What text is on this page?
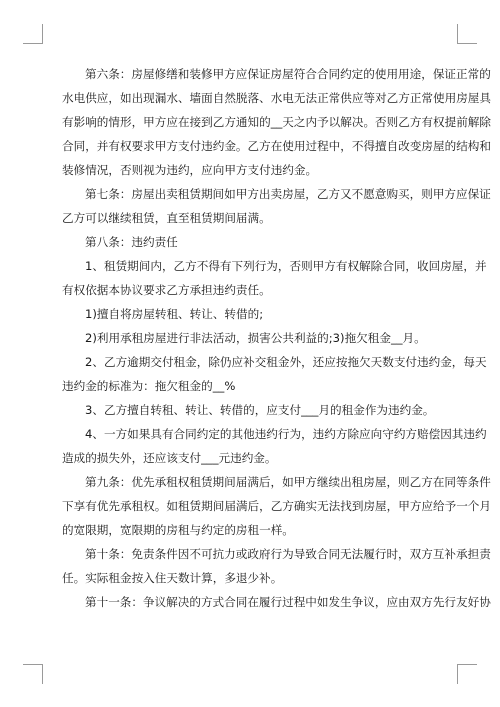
第六条：房屋修缮和装修甲方应保证房屋符合合同约定的使用用途，保证正常的
水电供应，如出现漏水、墙面自然脱落、水电无法正常供应等对乙方正常使用房屋具
有影响的情形，甲方应在接到乙方通知的__天之内予以解决。否则乙方有权提前解除
合同，并有权要求甲方支付违约金。乙方在使用过程中，不得擅自改变房屋的结构和
装修情况，否则视为违约，应向甲方支付违约金。
第七条：房屋出卖租赁期间如甲方出卖房屋，乙方又不愿意购买，则甲方应保证
乙方可以继续租赁，直至租赁期间届满。
第八条：违约责任
1、租赁期间内，乙方不得有下列行为，否则甲方有权解除合同，收回房屋，并
有权依据本协议要求乙方承担违约责任。
1)擅自将房屋转租、转让、转借的;
2)利用承租房屋进行非法活动，损害公共利益的;3)拖欠租金__月。
2、乙方逾期交付租金，除仍应补交租金外，还应按拖欠天数支付违约金，每天
违约金的标准为：拖欠租金的__%
3、乙方擅自转租、转让、转借的，应支付___月的租金作为违约金。
4、一方如果具有合同约定的其他违约行为，违约方除应向守约方赔偿因其违约
造成的损失外，还应该支付___元违约金。
第九条：优先承租权租赁期间届满后，如甲方继续出租房屋，则乙方在同等条件
下享有优先承租权。如租赁期间届满后，乙方确实无法找到房屋，甲方应给予一个月
的宽限期，宽限期的房租与约定的房租一样。
第十条：免责条件因不可抗力或政府行为导致合同无法履行时，双方互补承担责
任。实际租金按入住天数计算，多退少补。
第十一条：争议解决的方式合同在履行过程中如发生争议，应由双方先行友好协
